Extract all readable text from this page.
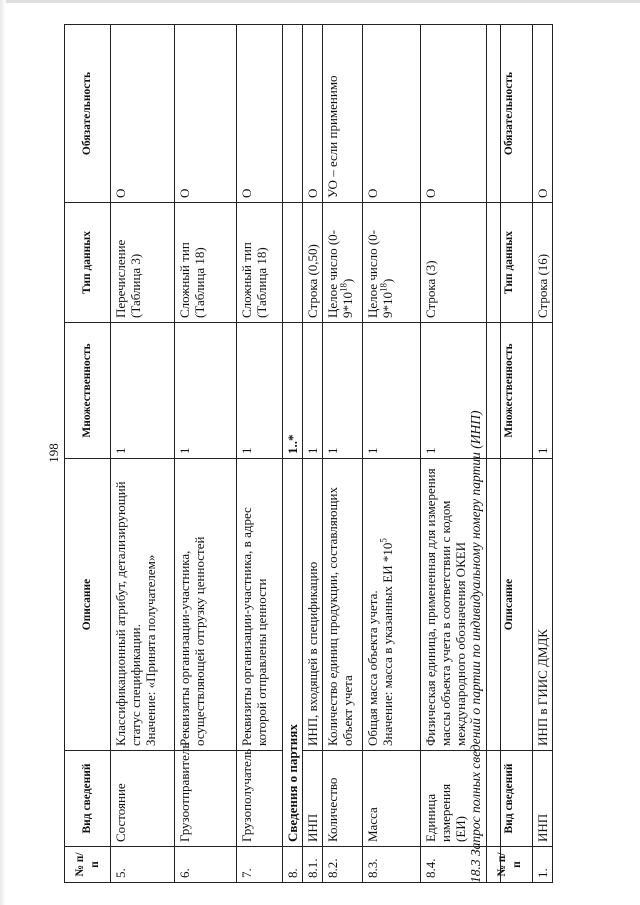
198
№ п/п	Вид сведений	Описание	Множественность	Тип данных	Обязательность
5.	Состояние	Классификационный атрибут, детализирующий статус спецификации. Значение: «Принята получателем»	1	Перечисление (Таблица 3)	О
6.	Грузоотправитель	Реквизиты организации-участника, осуществляющей отгрузку ценностей	1	Сложный тип (Таблица 18)	О
7.	Грузополучатель	Реквизиты организации-участника, в адрес которой отправлены ценности	1	Сложный тип (Таблица 18)	О
8.	Сведения о партиях		1..*		
8.1.	ИНП	ИНП, входящей в спецификацию	1	Строка (0,50)	О
8.2.	Количество	Количество единиц продукции, составляющих объект учета	1	Целое число $(0-9*10^{18})$	УО – если применимо
8.3.	Масса	Общая масса объекта учета. Значение: масса в указанных ЕИ $*10^5$	1	Целое число $(0-9*10^{18})$	О
8.4.	Единица измерения (ЕИ)	Физическая единица, примененная для измерения массы объекта учета в соответствии с кодом международного обозначения ОКЕИ	1	Строка (3)	О
18.3 Запрос полных сведений о партии по индивидуальному номеру партии (ИНП) № п/п	Вид сведений	Описание	Множественность	Тип данных	Обязательность
1.	ИНП	ИНП в ГИИС ДМДК	1	Строка (16)	О
